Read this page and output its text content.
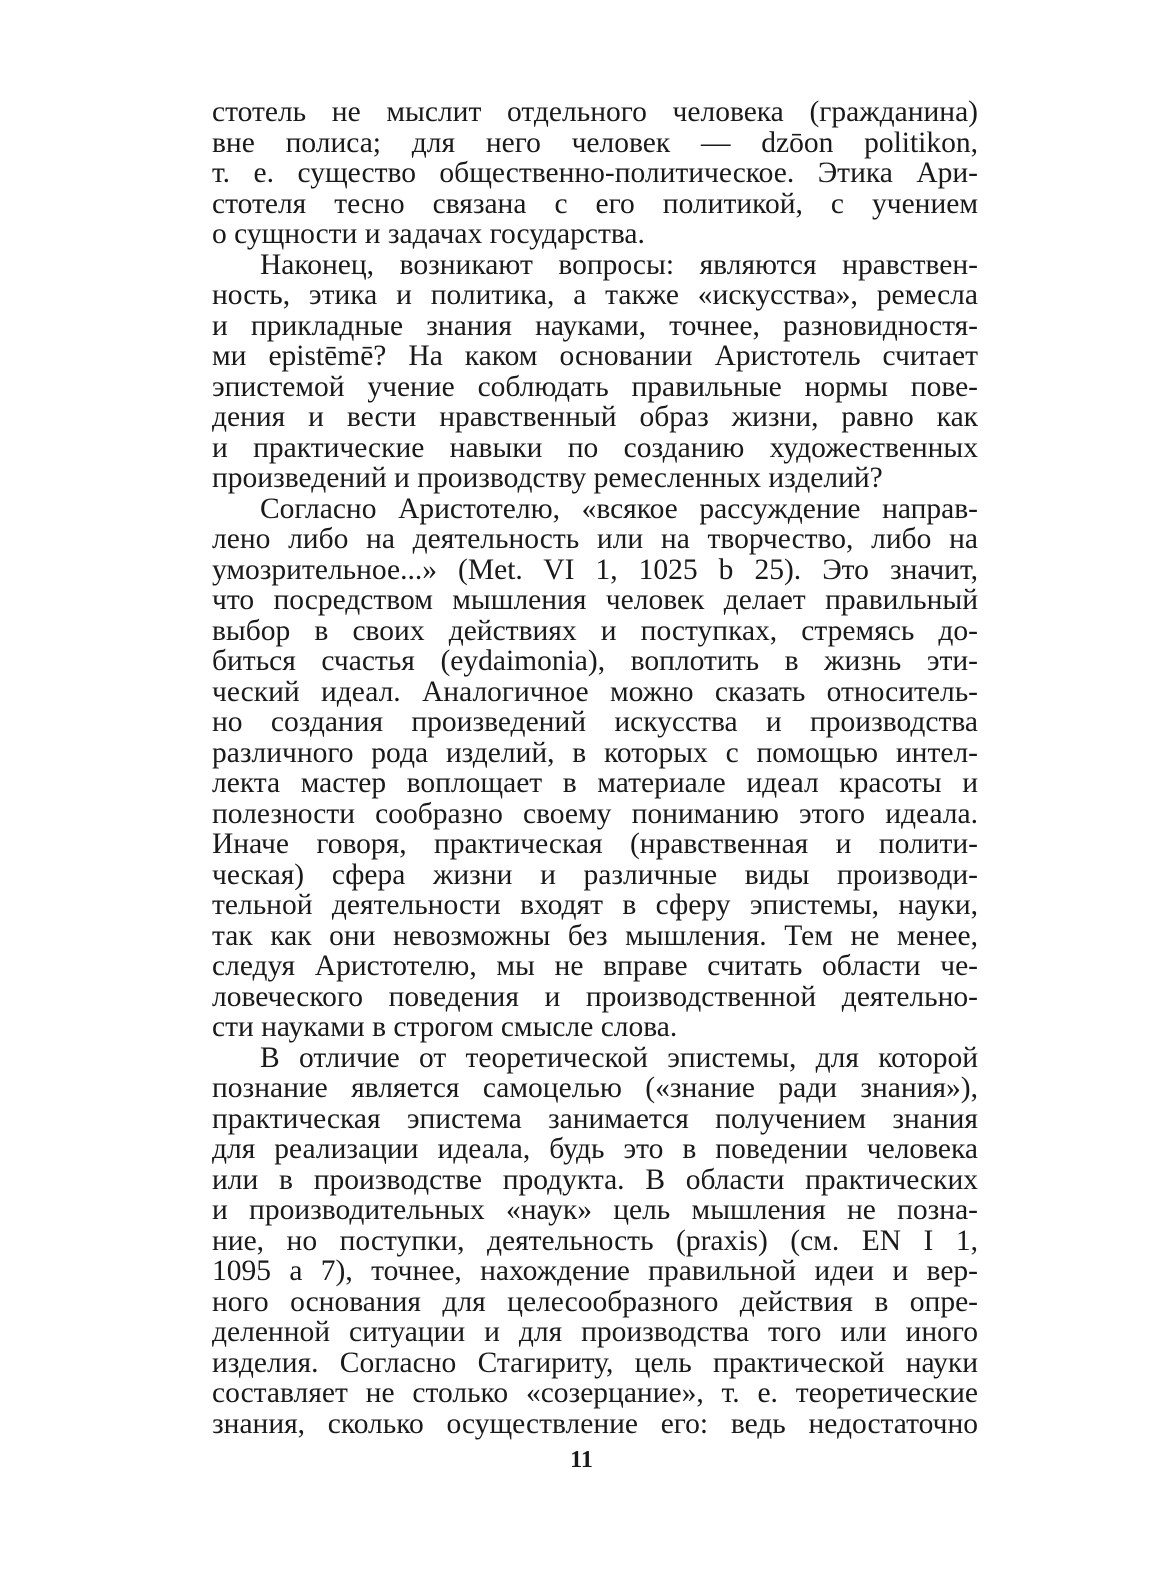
стотель не мыслит отдельного человека (гражданина)
вне полиса; для него человек — dzōon politikon,
т. е. существо общественно-политическое. Этика Ари-
стотеля тесно связана с его политикой, с учением
о сущности и задачах государства.
Наконец, возникают вопросы: являются нравствен-
ность, этика и политика, а также «искусства», ремесла
и прикладные знания науками, точнее, разновидностя-
ми epistēmē? На каком основании Аристотель считает
эпистемой учение соблюдать правильные нормы пове-
дения и вести нравственный образ жизни, равно как
и практические навыки по созданию художественных
произведений и производству ремесленных изделий?
Согласно Аристотелю, «всякое рассуждение направ-
лено либо на деятельность или на творчество, либо на
умозрительное...» (Met. VI 1, 1025 b 25). Это значит,
что посредством мышления человек делает правильный
выбор в своих действиях и поступках, стремясь до-
биться счастья (eydaimonia), воплотить в жизнь эти-
ческий идеал. Аналогичное можно сказать относитель-
но создания произведений искусства и производства
различного рода изделий, в которых с помощью интел-
лекта мастер воплощает в материале идеал красоты и
полезности сообразно своему пониманию этого идеала.
Иначе говоря, практическая (нравственная и полити-
ческая) сфера жизни и различные виды производи-
тельной деятельности входят в сферу эпистемы, науки,
так как они невозможны без мышления. Тем не менее,
следуя Аристотелю, мы не вправе считать области че-
ловеческого поведения и производственной деятельно-
сти науками в строгом смысле слова.
В отличие от теоретической эпистемы, для которой
познание является самоцелью («знание ради знания»),
практическая эпистема занимается получением знания
для реализации идеала, будь это в поведении человека
или в производстве продукта. В области практических
и производительных «наук» цель мышления не позна-
ние, но поступки, деятельность (praxis) (см. EN I 1,
1095 a 7), точнее, нахождение правильной идеи и вер-
ного основания для целесообразного действия в опре-
деленной ситуации и для производства того или иного
изделия. Согласно Стагириту, цель практической науки
составляет не столько «созерцание», т. е. теоретические
знания, сколько осуществление его: ведь недостаточно
11
